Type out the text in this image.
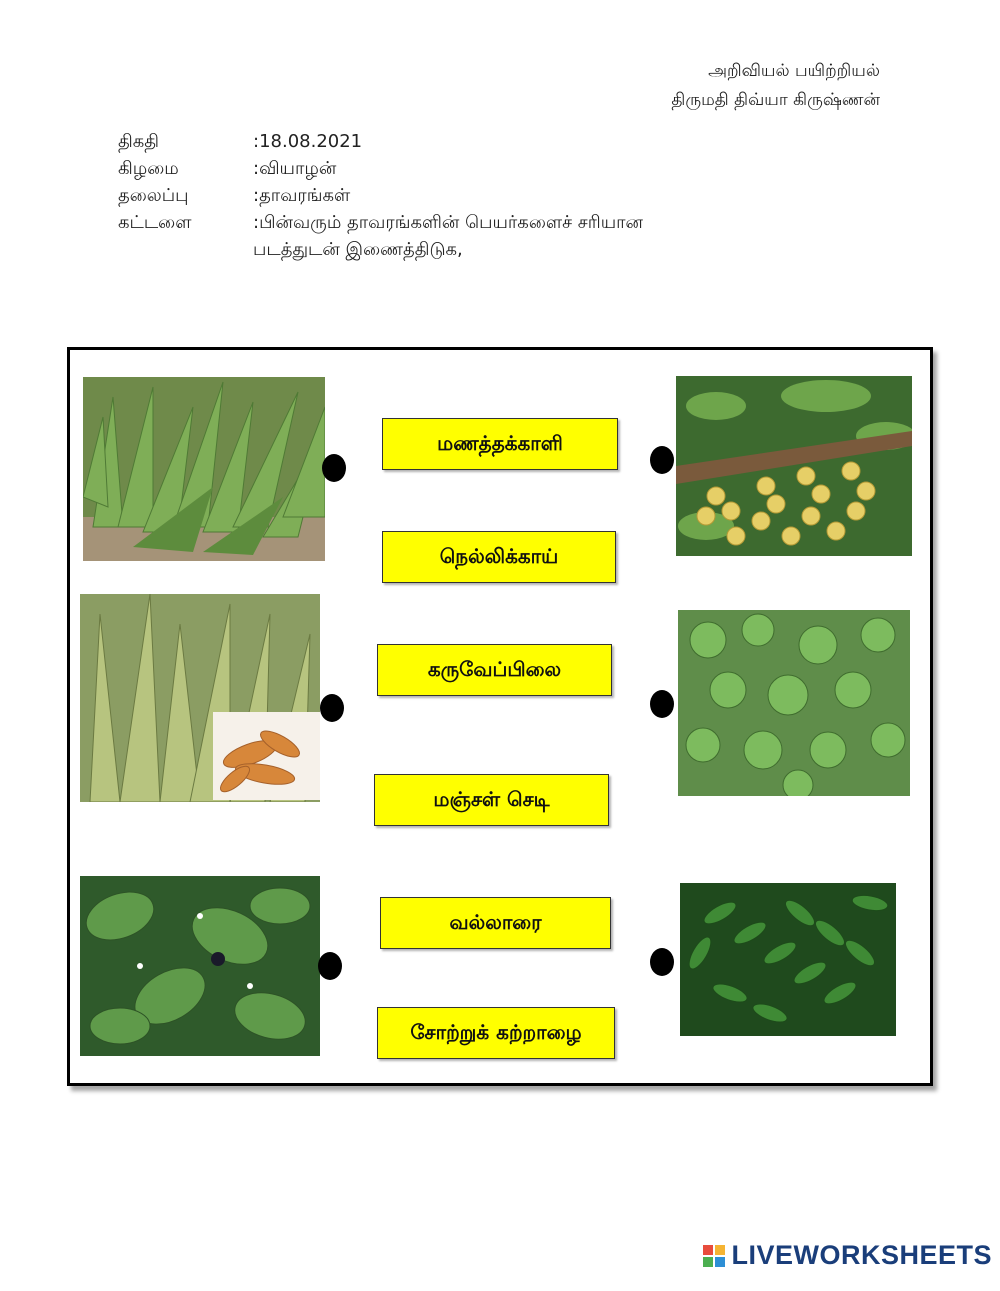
அறிவியல் பயிற்றியல்
திருமதி திவ்யா கிருஷ்ணன்
திகதி	:18.08.2021
கிழமை	:வியாழன்
தலைப்பு	:தாவரங்கள்
கட்டளை	:பின்வரும் தாவரங்களின் பெயர்களைச் சரியான
படத்துடன் இணைத்திடுக,
மணத்தக்காளி
நெல்லிக்காய்
கருவேப்பிலை
மஞ்சள் செடி
வல்லாரை
சோற்றுக் கற்றாழை
LIVEWORKSHEETS
